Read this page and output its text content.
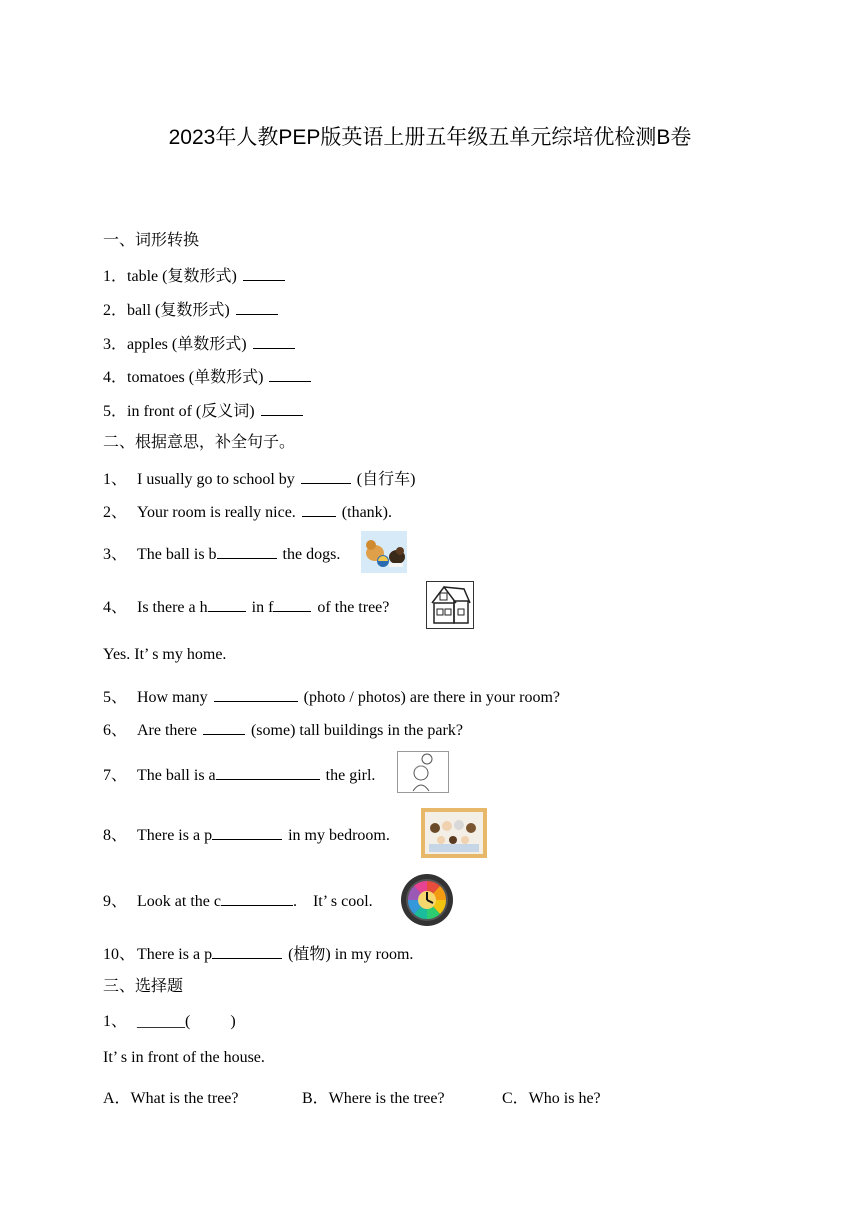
2023年人教PEP版英语上册五年级五单元综培优检测B卷
一、词形转换
1．table (复数形式)
2．ball (复数形式)
3．apples (单数形式)
4．tomatoes (单数形式)
5．in front of (反义词)
二、根据意思，补全句子。
1、 I usually go to school by	(自行车)
2、 Your room is really nice.	(thank).
3、 The ball is b	the dogs.
4、 Is there a h	in f	of the tree?
Yes. It’ s my home.
5、 How many	(photo / photos) are there in your room?
6、 Are there	(some) tall buildings in the park?
7、 The ball is a	the girl.
8、 There is a p	in my bedroom.
9、 Look at the c	.    It’ s cool.
10、 There is a p	(植物) in my room.
三、选择题
1、 ______(          )
It’ s in front of the house.
A．What is the tree?	B．Where is the tree?	C．Who is he?
